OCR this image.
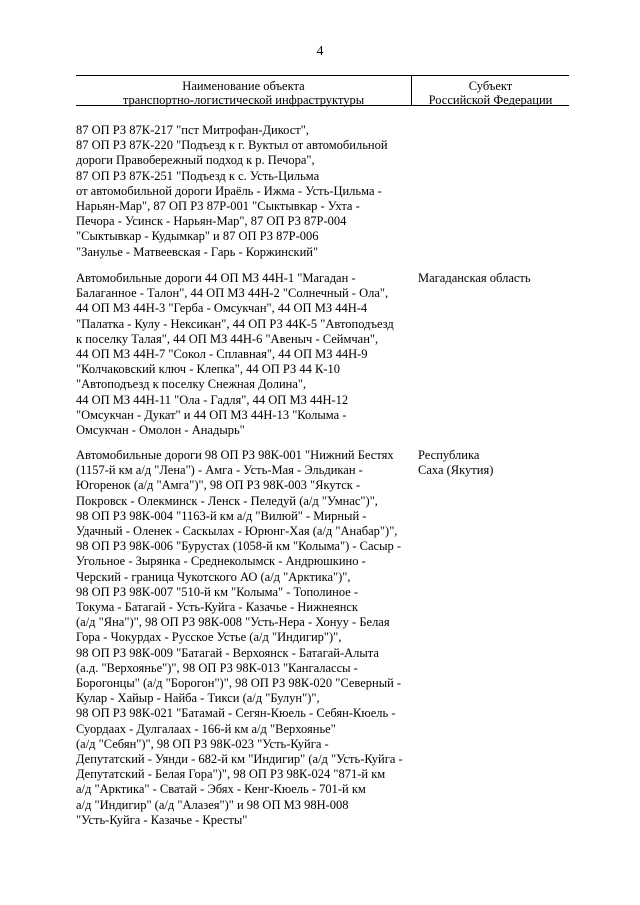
4
Наименование объекта
транспортно-логистической инфраструктуры
Субъект
Российской Федерации
87 ОП РЗ 87К-217 "пст Митрофан-Дикост",
87 ОП РЗ 87К-220 "Подъезд к г. Вуктыл от автомобильной
дороги Правобережный подход к р. Печора",
87 ОП РЗ 87К-251 "Подъезд к с. Усть-Цильма
от автомобильной дороги Ираёль - Ижма - Усть-Цильма -
Нарьян-Мар", 87 ОП РЗ 87Р-001 "Сыктывкар - Ухта -
Печора - Усинск - Нарьян-Мар", 87 ОП РЗ 87Р-004
"Сыктывкар - Кудымкар" и 87 ОП РЗ 87Р-006
"Занулье - Матвеевская - Гарь - Коржинский"
Автомобильные дороги 44 ОП МЗ 44Н-1 "Магадан -
Балаганное - Талон", 44 ОП МЗ 44Н-2 "Солнечный - Ола",
44 ОП МЗ 44Н-3 "Герба - Омсукчан", 44 ОП МЗ 44Н-4
"Палатка - Кулу - Нексикан", 44 ОП РЗ 44К-5 "Автоподъезд
к поселку Талая", 44 ОП МЗ 44Н-6 "Авеныч - Сеймчан",
44 ОП МЗ 44Н-7 "Сокол - Сплавная", 44 ОП МЗ 44Н-9
"Колчаковский ключ - Клепка", 44 ОП РЗ 44 К-10
"Автоподъезд к поселку Снежная Долина",
44 ОП МЗ 44Н-11 "Ола - Гадля", 44 ОП МЗ 44Н-12
"Омсукчан - Дукат" и 44 ОП МЗ 44Н-13 "Колыма -
Омсукчан - Омолон - Анадырь"
Магаданская область
Автомобильные дороги 98 ОП РЗ 98К-001 "Нижний Бестях
(1157-й км а/д "Лена") - Амга - Усть-Мая - Эльдикан -
Югоренок (а/д "Амга")", 98 ОП РЗ 98К-003 "Якутск -
Покровск - Олекминск - Ленск - Пеледуй (а/д "Умнас")",
98 ОП РЗ 98К-004 "1163-й км а/д "Вилюй" - Мирный -
Удачный - Оленек - Саскылах - Юрюнг-Хая (а/д "Анабар")",
98 ОП РЗ 98К-006 "Бурустах (1058-й км "Колыма") - Сасыр -
Угольное - Зырянка - Среднеколымск - Андрюшкино -
Черский - граница Чукотского АО (а/д "Арктика")",
98 ОП РЗ 98К-007 "510-й км "Колыма" - Тополиное -
Токума - Батагай - Усть-Куйга - Казачье - Нижнеянск
(а/д "Яна")", 98 ОП РЗ 98К-008 "Усть-Нера - Хонуу - Белая
Гора - Чокурдах - Русское Устье (а/д "Индигир")",
98 ОП РЗ 98К-009 "Батагай - Верхоянск - Батагай-Алыта
(а.д. "Верхоянье")", 98 ОП РЗ 98К-013 "Кангалассы -
Борогонцы" (а/д "Борогон")", 98 ОП РЗ 98К-020 "Северный -
Кулар - Хайыр - Найба - Тикси (а/д "Булун")",
98 ОП РЗ 98К-021 "Батамай - Сегян-Кюель - Себян-Кюель -
Суордаах - Дулгалаах - 166-й км а/д "Верхоянье"
(а/д "Себян")", 98 ОП РЗ 98К-023 "Усть-Куйга -
Депутатский - Уянди - 682-й км "Индигир" (а/д "Усть-Куйга -
Депутатский - Белая Гора")", 98 ОП РЗ 98К-024 "871-й км
а/д "Арктика" - Сватай - Эбях - Кенг-Кюель - 701-й км
а/д "Индигир" (а/д "Алазея")" и 98 ОП МЗ 98Н-008
"Усть-Куйга - Казачье - Кресты"
Республика
Саха (Якутия)
